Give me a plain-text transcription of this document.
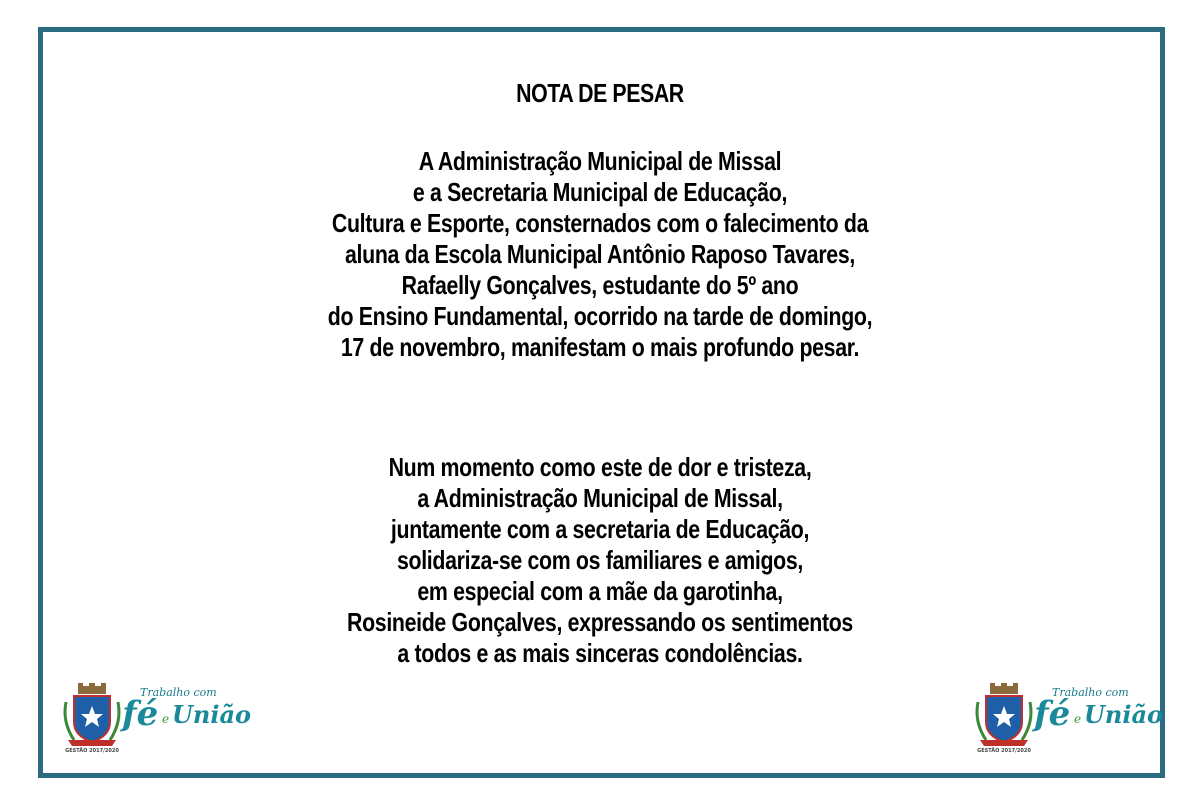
NOTA DE PESAR
A Administração Municipal de Missal
e a Secretaria Municipal de Educação,
Cultura e Esporte, consternados com o falecimento da
aluna da Escola Municipal Antônio Raposo Tavares,
Rafaelly Gonçalves, estudante do 5º ano
do Ensino Fundamental, ocorrido na tarde de domingo,
17 de novembro, manifestam o mais profundo pesar.
Num momento como este de dor e tristeza,
a Administração Municipal de Missal,
juntamente com a secretaria de Educação,
solidariza-se com os familiares e amigos,
em especial com a mãe da garotinha,
Rosineide Gonçalves, expressando os sentimentos
a todos e as mais sinceras condolências.
GESTÃO 2017/2020
Trabalho com
fé e União
GESTÃO 2017/2020
Trabalho com
fé e União
